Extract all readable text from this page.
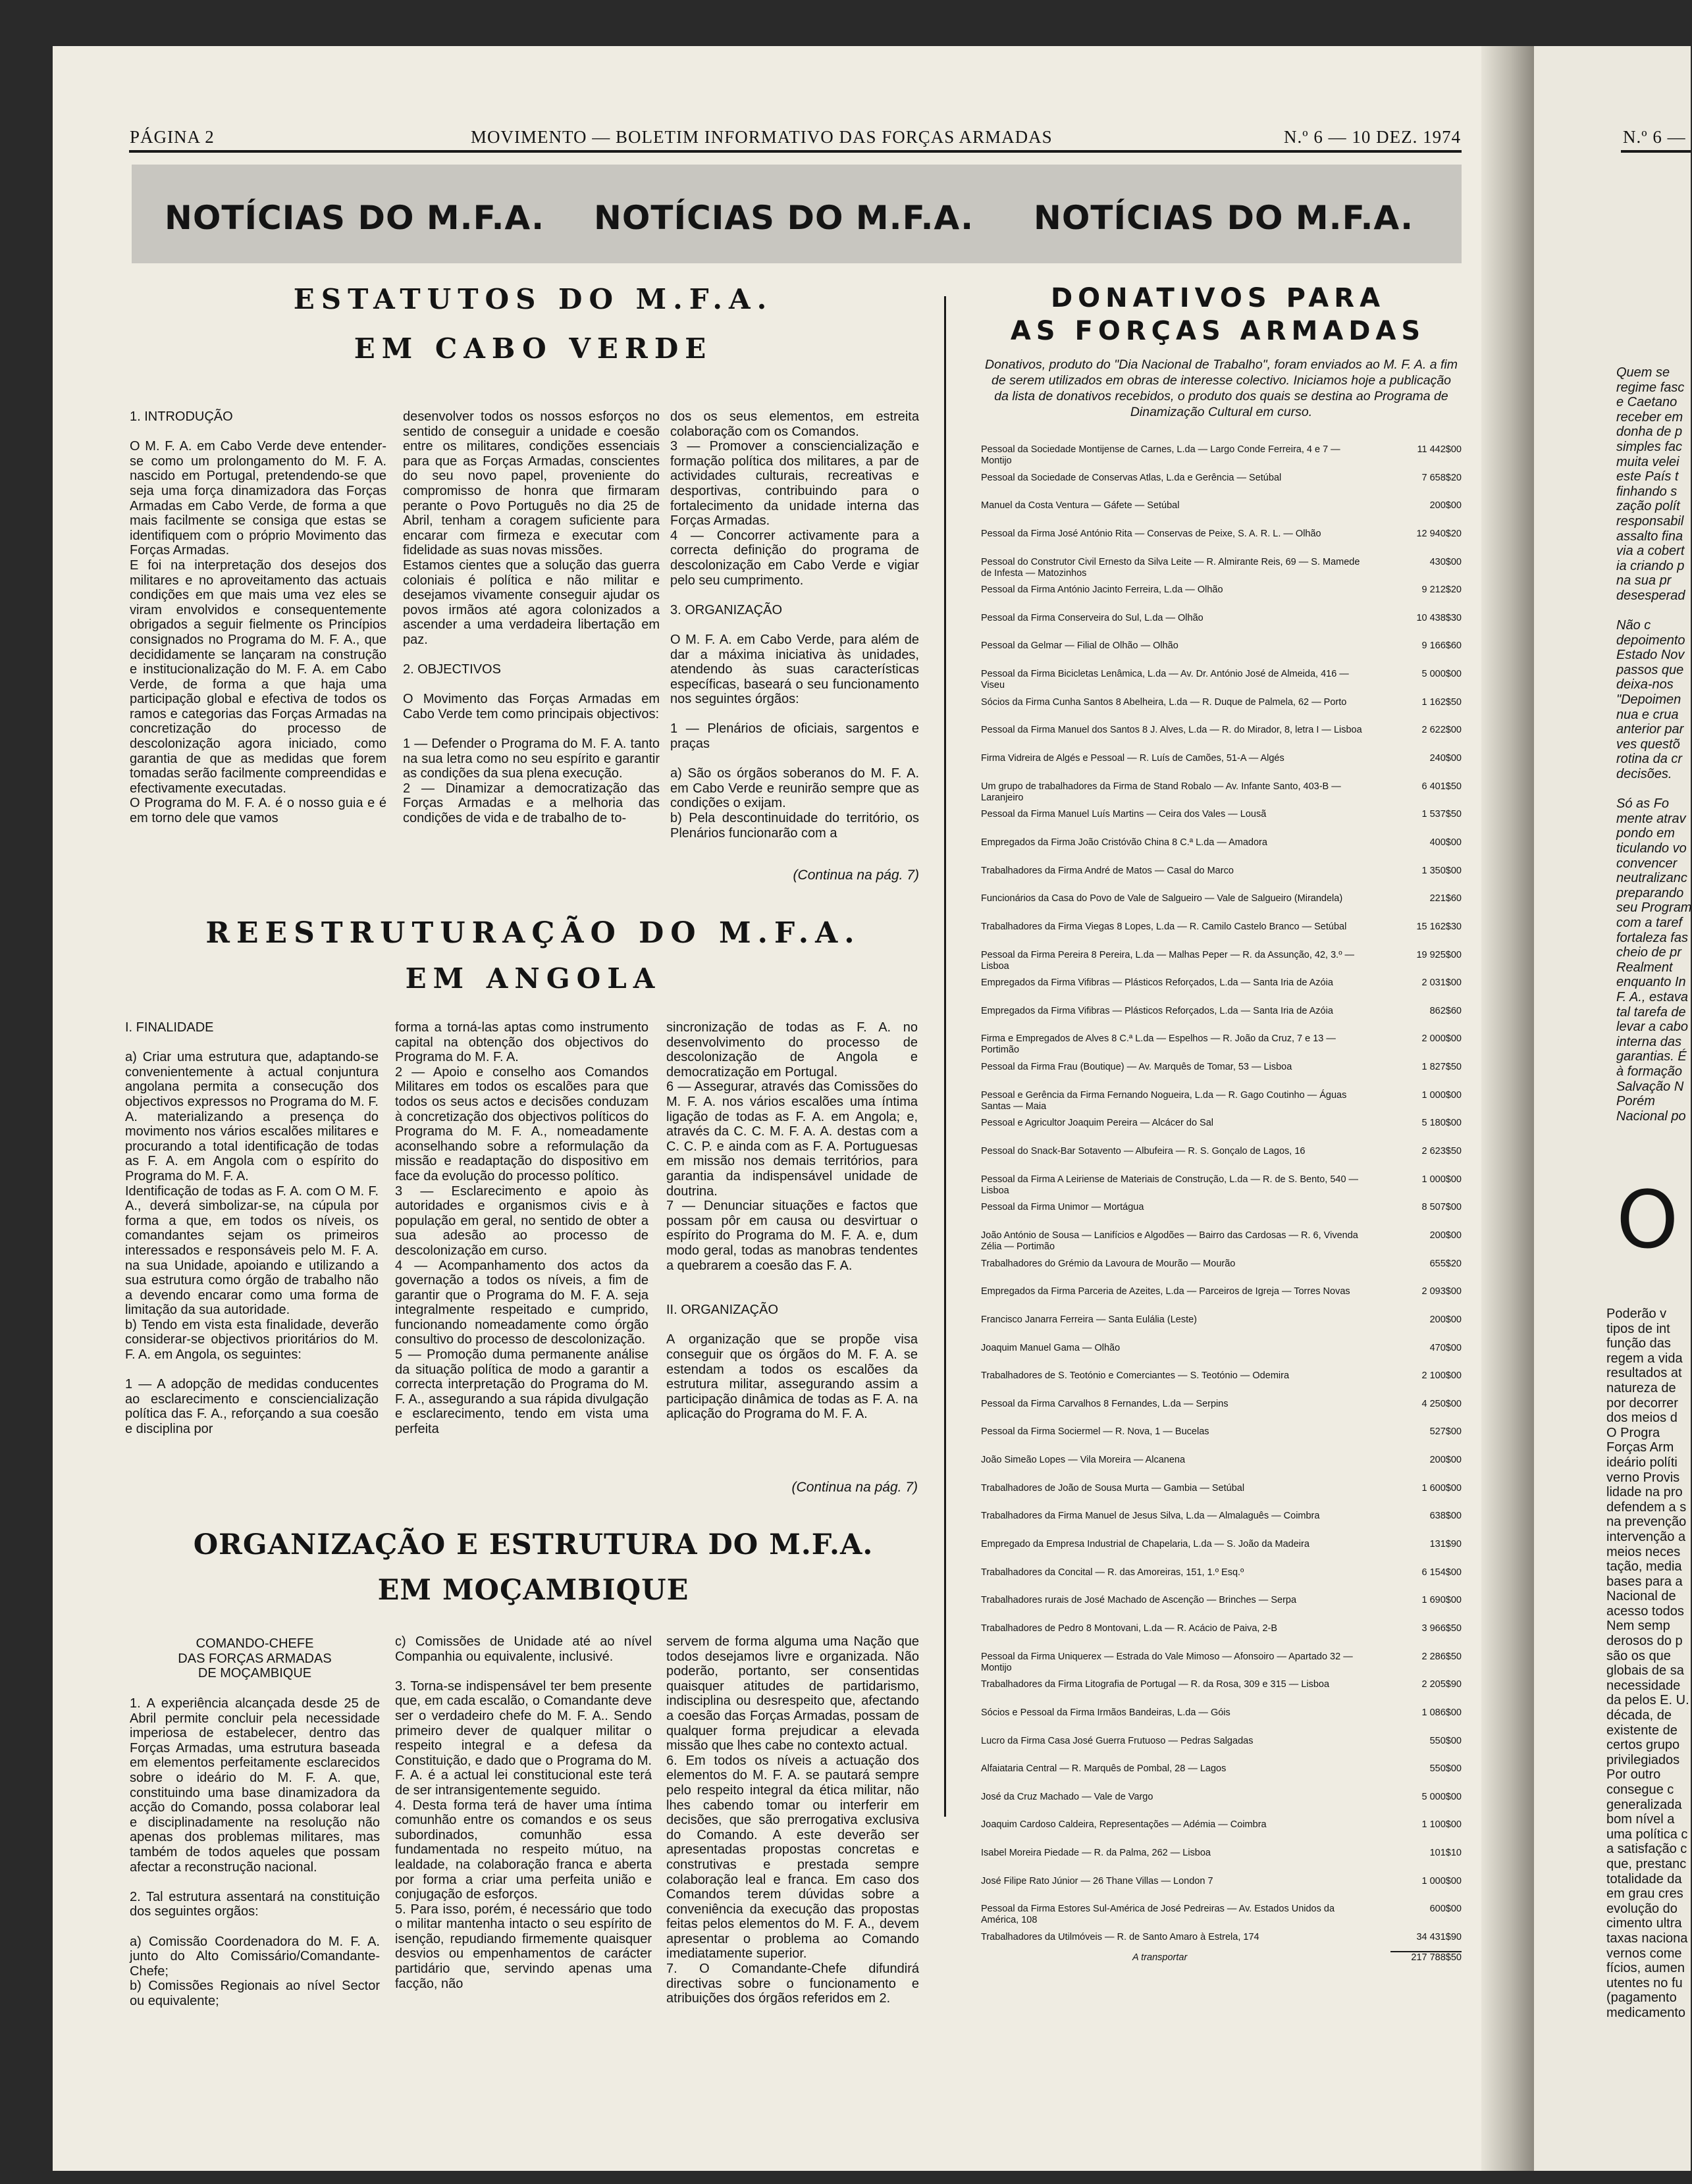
PÁGINA 2	MOVIMENTO — BOLETIM INFORMATIVO DAS FORÇAS ARMADAS	N.º 6 — 10 DEZ. 1974	N.º 6 —
NOTÍCIAS DO M.F.A. NOTÍCIAS DO M.F.A. NOTÍCIAS DO M.F.A.
ESTATUTOS DO M.F.A.
EM CABO VERDE
1. INTRODUÇÃO

O M. F. A. em Cabo Verde deve entender-se como um prolongamento do M. F. A. nascido em Portugal, pretendendo-se que seja uma força dinamizadora das Forças Armadas em Cabo Verde, de forma a que mais facilmente se consiga que estas se identifiquem com o próprio Movimento das Forças Armadas.
E foi na interpretação dos desejos dos militares e no aproveitamento das actuais condições em que mais uma vez eles se viram envolvidos e consequentemente obrigados a seguir fielmente os Princípios consignados no Programa do M. F. A., que decididamente se lançaram na construção e institucionalização do M. F. A. em Cabo Verde, de forma a que haja uma participação global e efectiva de todos os ramos e categorias das Forças Armadas na concretização do processo de descolonização agora iniciado, como garantia de que as medidas que forem tomadas serão facilmente compreendidas e efectivamente executadas.
O Programa do M. F. A. é o nosso guia e é em torno dele que vamos
desenvolver todos os nossos esforços no sentido de conseguir a unidade e coesão entre os militares, condições essenciais para que as Forças Armadas, conscientes do seu novo papel, proveniente do compromisso de honra que firmaram perante o Povo Português no dia 25 de Abril, tenham a coragem suficiente para encarar com firmeza e executar com fidelidade as suas novas missões.
Estamos cientes que a solução das guerra coloniais é política e não militar e desejamos vivamente conseguir ajudar os povos irmãos até agora colonizados a ascender a uma verdadeira libertação em paz.

2. OBJECTIVOS

O Movimento das Forças Armadas em Cabo Verde tem como principais objectivos:

1 — Defender o Programa do M. F. A. tanto na sua letra como no seu espírito e garantir as condições da sua plena execução.
2 — Dinamizar a democratização das Forças Armadas e a melhoria das condições de vida e de trabalho de to-
dos os seus elementos, em estreita colaboração com os Comandos.
3 — Promover a consciencialização e formação política dos militares, a par de actividades culturais, recreativas e desportivas, contribuindo para o fortalecimento da unidade interna das Forças Armadas.
4 — Concorrer activamente para a correcta definição do programa de descolonização em Cabo Verde e vigiar pelo seu cumprimento.

3. ORGANIZAÇÃO

O M. F. A. em Cabo Verde, para além de dar a máxima iniciativa às unidades, atendendo às suas características específicas, baseará o seu funcionamento nos seguintes órgãos:

1 — Plenários de oficiais, sargentos e praças

a) São os órgãos soberanos do M. F. A. em Cabo Verde e reunirão sempre que as condições o exijam.
b) Pela descontinuidade do território, os Plenários funcionarão com a
(Continua na pág. 7)
REESTRUTURAÇÃO DO M.F.A.
EM ANGOLA
I. FINALIDADE

a) Criar uma estrutura que, adaptando-se convenientemente à actual conjuntura angolana permita a consecução dos objectivos expressos no Programa do M. F. A. materializando a presença do movimento nos vários escalões militares e procurando a total identificação de todas as F. A. em Angola com o espírito do Programa do M. F. A.
Identificação de todas as F. A. com O M. F. A., deverá simbolizar-se, na cúpula por forma a que, em todos os níveis, os comandantes sejam os primeiros interessados e responsáveis pelo M. F. A. na sua Unidade, apoiando e utilizando a sua estrutura como órgão de trabalho não a devendo encarar como uma forma de limitação da sua autoridade.
b) Tendo em vista esta finalidade, deverão considerar-se objectivos prioritários do M. F. A. em Angola, os seguintes:

1 — A adopção de medidas conducentes ao esclarecimento e consciencialização política das F. A., reforçando a sua coesão e disciplina por
forma a torná-las aptas como instrumento capital na obtenção dos objectivos do Programa do M. F. A.
2 — Apoio e conselho aos Comandos Militares em todos os escalões para que todos os seus actos e decisões conduzam à concretização dos objectivos políticos do Programa do M. F. A., nomeadamente aconselhando sobre a reformulação da missão e readaptação do dispositivo em face da evolução do processo político.
3 — Esclarecimento e apoio às autoridades e organismos civis e à população em geral, no sentido de obter a sua adesão ao processo de descolonização em curso.
4 — Acompanhamento dos actos da governação a todos os níveis, a fim de garantir que o Programa do M. F. A. seja integralmente respeitado e cumprido, funcionando nomeadamente como órgão consultivo do processo de descolonização.
5 — Promoção duma permanente análise da situação política de modo a garantir a correcta interpretação do Programa do M. F. A., assegurando a sua rápida divulgação e esclarecimento, tendo em vista uma perfeita
sincronização de todas as F. A. no desenvolvimento do processo de descolonização de Angola e democratização em Portugal.
6 — Assegurar, através das Comissões do M. F. A. nos vários escalões uma íntima ligação de todas as F. A. em Angola; e, através da C. C. M. F. A. A. destas com a C. C. P. e ainda com as F. A. Portuguesas em missão nos demais territórios, para garantia da indispensável unidade de doutrina.
7 — Denunciar situações e factos que possam pôr em causa ou desvirtuar o espírito do Programa do M. F. A. e, dum modo geral, todas as manobras tendentes a quebrarem a coesão das F. A.

II. ORGANIZAÇÃO

A organização que se propõe visa conseguir que os órgãos do M. F. A. se estendam a todos os escalões da estrutura militar, assegurando assim a participação dinâmica de todas as F. A. na aplicação do Programa do M. F. A.
(Continua na pág. 7)
ORGANIZAÇÃO E ESTRUTURA DO M.F.A.
EM MOÇAMBIQUE
COMANDO-CHEFE
DAS FORÇAS ARMADAS
DE MOÇAMBIQUE
1. A experiência alcançada desde 25 de Abril permite concluir pela necessidade imperiosa de estabelecer, dentro das Forças Armadas, uma estrutura baseada em elementos perfeitamente esclarecidos sobre o ideário do M. F. A. que, constituindo uma base dinamizadora da acção do Comando, possa colaborar leal e disciplinadamente na resolução não apenas dos problemas militares, mas também de todos aqueles que possam afectar a reconstrução nacional.

2. Tal estrutura assentará na constituição dos seguintes orgãos:

a) Comissão Coordenadora do M. F. A. junto do Alto Comissário/Comandante-Chefe;
b) Comissões Regionais ao nível Sector ou equivalente;
c) Comissões de Unidade até ao nível Companhia ou equivalente, inclusivé.

3. Torna-se indispensável ter bem presente que, em cada escalão, o Comandante deve ser o verdadeiro chefe do M. F. A.. Sendo primeiro dever de qualquer militar o respeito integral e a defesa da Constituição, e dado que o Programa do M. F. A. é a actual lei constitucional este terá de ser intransigentemente seguido.
4. Desta forma terá de haver uma íntima comunhão entre os comandos e os seus subordinados, comunhão essa fundamentada no respeito mútuo, na lealdade, na colaboração franca e aberta por forma a criar uma perfeita união e conjugação de esforços.
5. Para isso, porém, é necessário que todo o militar mantenha intacto o seu espírito de isenção, repudiando firmemente quaisquer desvios ou empenhamentos de carácter partidário que, servindo apenas uma facção, não
servem de forma alguma uma Nação que todos desejamos livre e organizada. Não poderão, portanto, ser consentidas quaisquer atitudes de partidarismo, indisciplina ou desrespeito que, afectando a coesão das Forças Armadas, possam de qualquer forma prejudicar a elevada missão que lhes cabe no contexto actual.
6. Em todos os níveis a actuação dos elementos do M. F. A. se pautará sempre pelo respeito integral da ética militar, não lhes cabendo tomar ou interferir em decisões, que são prerrogativa exclusiva do Comando. A este deverão ser apresentadas propostas concretas e construtivas e prestada sempre colaboração leal e franca. Em caso dos Comandos terem dúvidas sobre a conveniência da execução das propostas feitas pelos elementos do M. F. A., devem apresentar o problema ao Comando imediatamente superior.
7. O Comandante-Chefe difundirá directivas sobre o funcionamento e atribuições dos órgãos referidos em 2.
DONATIVOS PARA
AS FORÇAS ARMADAS
Donativos, produto do "Dia Nacional de Trabalho", foram enviados ao M. F. A. a fim de serem utilizados em obras de interesse colectivo. Iniciamos hoje a publicação da lista de donativos recebidos, o produto dos quais se destina ao Programa de Dinamização Cultural em curso.
Pessoal da Sociedade Montijense de Carnes, L.da — Largo Conde Ferreira, 4 e 7 — Montijo
11 442$00
Pessoal da Sociedade de Conservas Atlas, L.da e Gerência — Setúbal	7 658$20
Manuel da Costa Ventura — Gáfete — Setúbal	200$00
Pessoal da Firma José António Rita — Conservas de Peixe, S. A. R. L. — Olhão	12 940$20
Pessoal do Construtor Civil Ernesto da Silva Leite — R. Almirante Reis, 69 — S. Mamede de Infesta — Matozinhos
430$00
Pessoal da Firma António Jacinto Ferreira, L.da — Olhão	9 212$20
Pessoal da Firma Conserveira do Sul, L.da — Olhão	10 438$30
Pessoal da Gelmar — Filial de Olhão — Olhão	9 166$60
Pessoal da Firma Bicicletas Lenâmica, L.da — Av. Dr. António José de Almeida, 416 — Viseu
5 000$00
Sócios da Firma Cunha Santos 8 Abelheira, L.da — R. Duque de Palmela, 62 — Porto	1 162$50
Pessoal da Firma Manuel dos Santos 8 J. Alves, L.da — R. do Mirador, 8, letra I — Lisboa	2 622$00
Firma Vidreira de Algés e Pessoal — R. Luís de Camões, 51-A — Algés	240$00
Um grupo de trabalhadores da Firma de Stand Robalo — Av. Infante Santo, 403-B — Laranjeiro
6 401$50
Pessoal da Firma Manuel Luís Martins — Ceira dos Vales — Lousã	1 537$50
Empregados da Firma João Cristóvão China 8 C.ª L.da — Amadora	400$00
Trabalhadores da Firma André de Matos — Casal do Marco	1 350$00
Funcionários da Casa do Povo de Vale de Salgueiro — Vale de Salgueiro (Mirandela)	221$60
Trabalhadores da Firma Viegas 8 Lopes, L.da — R. Camilo Castelo Branco — Setúbal	15 162$30
Pessoal da Firma Pereira 8 Pereira, L.da — Malhas Peper — R. da Assunção, 42, 3.º — Lisboa
19 925$00
Empregados da Firma Vifibras — Plásticos Reforçados, L.da — Santa Iria de Azóia	2 031$00
Empregados da Firma Vifibras — Plásticos Reforçados, L.da — Santa Iria de Azóia	862$60
Firma e Empregados de Alves 8 C.ª L.da — Espelhos — R. João da Cruz, 7 e 13 — Portimão
2 000$00
Pessoal da Firma Frau (Boutique) — Av. Marquês de Tomar, 53 — Lisboa	1 827$50
Pessoal e Gerência da Firma Fernando Nogueira, L.da — R. Gago Coutinho — Águas Santas — Maia
1 000$00
Pessoal e Agricultor Joaquim Pereira — Alcácer do Sal	5 180$00
Pessoal do Snack-Bar Sotavento — Albufeira — R. S. Gonçalo de Lagos, 16	2 623$50
Pessoal da Firma A Leiriense de Materiais de Construção, L.da — R. de S. Bento, 540 — Lisboa
1 000$00
Pessoal da Firma Unimor — Mortágua	8 507$00
João António de Sousa — Lanifícios e Algodões — Bairro das Cardosas — R. 6, Vivenda Zélia — Portimão
200$00
Trabalhadores do Grémio da Lavoura de Mourão — Mourão	655$20
Empregados da Firma Parceria de Azeites, L.da — Parceiros de Igreja — Torres Novas	2 093$00
Francisco Janarra Ferreira — Santa Eulália (Leste)	200$00
Joaquim Manuel Gama — Olhão	470$00
Trabalhadores de S. Teotónio e Comerciantes — S. Teotónio — Odemira	2 100$00
Pessoal da Firma Carvalhos 8 Fernandes, L.da — Serpins	4 250$00
Pessoal da Firma Sociermel — R. Nova, 1 — Bucelas	527$00
João Simeão Lopes — Vila Moreira — Alcanena	200$00
Trabalhadores de João de Sousa Murta — Gambia — Setúbal	1 600$00
Trabalhadores da Firma Manuel de Jesus Silva, L.da — Almalaguês — Coimbra	638$00
Empregado da Empresa Industrial de Chapelaria, L.da — S. João da Madeira	131$90
Trabalhadores da Concital — R. das Amoreiras, 151, 1.º Esq.º	6 154$00
Trabalhadores rurais de José Machado de Ascenção — Brinches — Serpa	1 690$00
Trabalhadores de Pedro 8 Montovani, L.da — R. Acácio de Paiva, 2-B	3 966$50
Pessoal da Firma Uniquerex — Estrada do Vale Mimoso — Afonsoiro — Apartado 32 — Montijo
2 286$50
Trabalhadores da Firma Litografia de Portugal — R. da Rosa, 309 e 315 — Lisboa	2 205$90
Sócios e Pessoal da Firma Irmãos Bandeiras, L.da — Góis	1 086$00
Lucro da Firma Casa José Guerra Frutuoso — Pedras Salgadas	550$00
Alfaiataria Central — R. Marquês de Pombal, 28 — Lagos	550$00
José da Cruz Machado — Vale de Vargo	5 000$00
Joaquim Cardoso Caldeira, Representações — Adémia — Coimbra	1 100$00
Isabel Moreira Piedade — R. da Palma, 262 — Lisboa	101$10
José Filipe Rato Júnior — 26 Thane Villas — London 7	1 000$00
Pessoal da Firma Estores Sul-América de José Pedreiras — Av. Estados Unidos da América, 108
600$00
Trabalhadores da Utilmóveis — R. de Santo Amaro à Estrela, 174	34 431$90
A transportar	217 788$50
Quem se
regime fasc
e Caetano
receber em
donha de p
simples fac
muita velei
este País t
finhando s
zação polít
responsabil
assalto fina
via a cobert
ia criando p
na sua pr
desesperad

Não c
depoimento
Estado Nov
passos que
deixa-nos
"Depoimen
nua e crua
anterior par
ves questõ
rotina da cr
decisões.

Só as Fo
mente atrav
pondo em
ticulando vo
convencer
neutralizanc
preparando
seu Program
com a taref
fortaleza fas
cheio de pr
Realment
enquanto In
F. A., estava
tal tarefa de
levar a cabo
interna das
garantias. É
à formação
Salvação N
Porém
Nacional po
O
Poderão v
tipos de int
função das
regem a vida
resultados at
natureza de
por decorrer
dos meios d
O Progra
Forças Arm
ideário políti
verno Provis
lidade na pro
defendem a s
na prevenção
intervenção a
meios neces
tação, media
bases para a
Nacional de
acesso todos
Nem semp
derosos do p
são os que
globais de sa
necessidade
da pelos E. U.
década, de
existente de
certos grupo
privilegiados
Por outro
consegue c
generalizada
bom nível a
uma política c
a satisfação c
que, prestanc
totalidade da
em grau cres
evolução do
cimento ultra
taxas naciona
vernos come
fícios, aumen
utentes no fu
(pagamento
medicamento
